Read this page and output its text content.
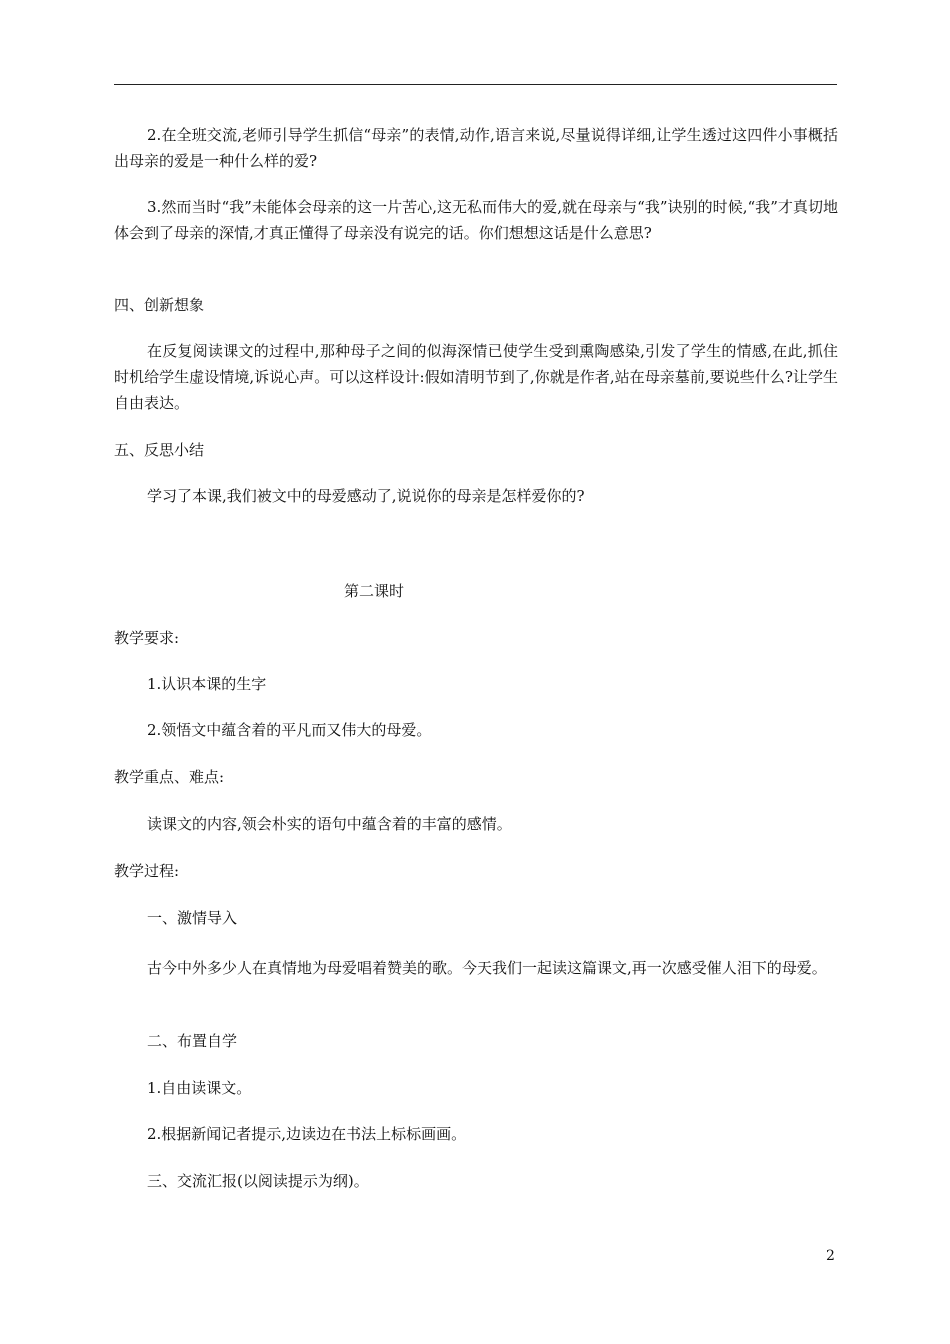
2.在全班交流,老师引导学生抓信“母亲”的表情,动作,语言来说,尽量说得详细,让学生透过这四件小事概括出母亲的爱是一种什么样的爱?
3.然而当时“我”未能体会母亲的这一片苦心,这无私而伟大的爱,就在母亲与“我”诀别的时候,“我”才真切地体会到了母亲的深情,才真正懂得了母亲没有说完的话。你们想想这话是什么意思?
四、创新想象
在反复阅读课文的过程中,那种母子之间的似海深情已使学生受到熏陶感染,引发了学生的情感,在此,抓住时机给学生虚设情境,诉说心声。可以这样设计:假如清明节到了,你就是作者,站在母亲墓前,要说些什么?让学生自由表达。
五、反思小结
学习了本课,我们被文中的母爱感动了,说说你的母亲是怎样爱你的?
第二课时
教学要求:
1.认识本课的生字
2.领悟文中蕴含着的平凡而又伟大的母爱。
教学重点、难点:
读课文的内容,领会朴实的语句中蕴含着的丰富的感情。
教学过程:
一、激情导入
古今中外多少人在真情地为母爱唱着赞美的歌。今天我们一起读这篇课文,再一次感受催人泪下的母爱。
二、布置自学
1.自由读课文。
2.根据新闻记者提示,边读边在书法上标标画画。
三、交流汇报(以阅读提示为纲)。
2
